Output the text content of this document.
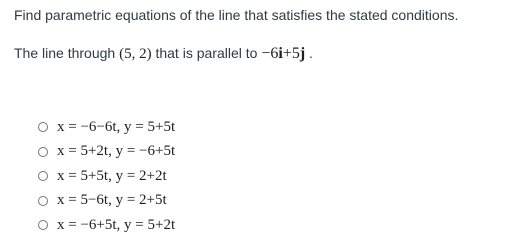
Find parametric equations of the line that satisfies the stated conditions.
The line through (5, 2) that is parallel to −6i+5j .
x = −6−6t, y = 5+5t
x = 5+2t, y = −6+5t
x = 5+5t, y = 2+2t
x = 5−6t, y = 2+5t
x = −6+5t, y = 5+2t
